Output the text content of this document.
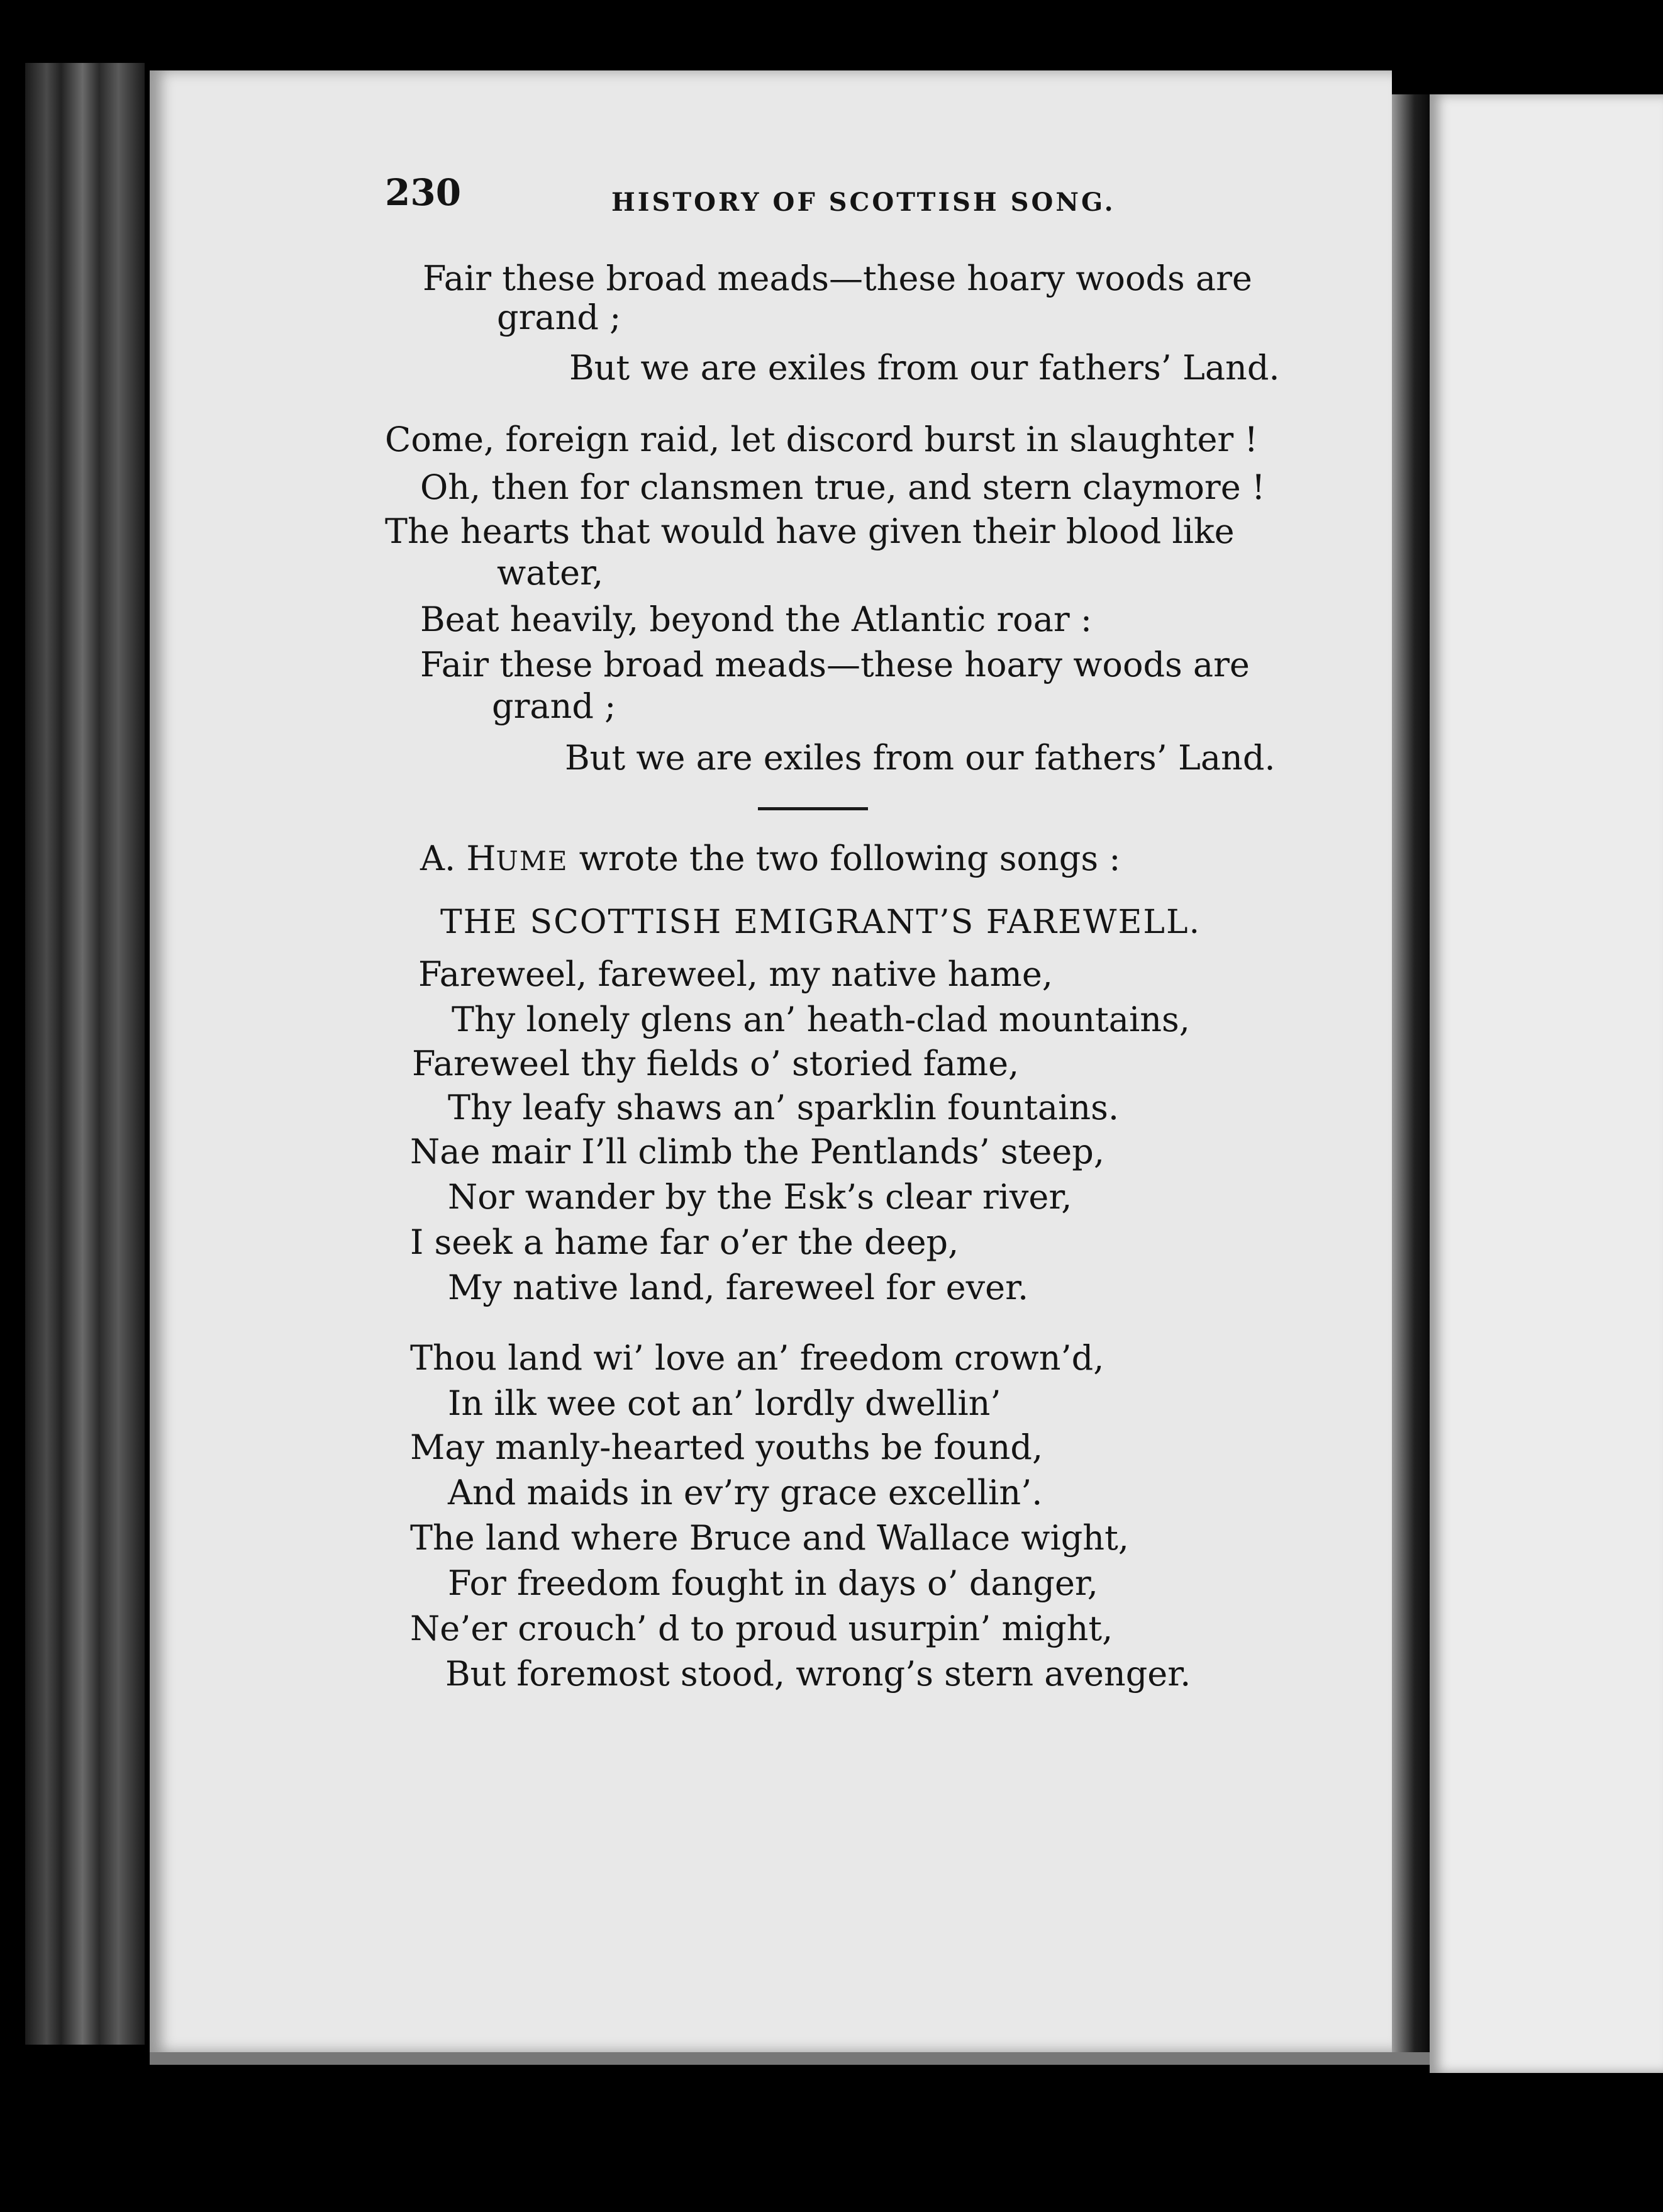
230	HISTORY OF SCOTTISH SONG.
Fair these broad meads—these hoary woods are
grand ;
But we are exiles from our fathers’ Land.
Come, foreign raid, let discord burst in slaughter !
Oh, then for clansmen true, and stern claymore !
The hearts that would have given their blood like
water,
Beat heavily, beyond the Atlantic roar :
Fair these broad meads—these hoary woods are
grand ;
But we are exiles from our fathers’ Land.
A. HUME wrote the two following songs :
THE SCOTTISH EMIGRANT’S FAREWELL.
Fareweel, fareweel, my native hame,
Thy lonely glens an’ heath-clad mountains,
Fareweel thy fields o’ storied fame,
Thy leafy shaws an’ sparklin fountains.
Nae mair I’ll climb the Pentlands’ steep,
Nor wander by the Esk’s clear river,
I seek a hame far o’er the deep,
My native land, fareweel for ever.
Thou land wi’ love an’ freedom crown’d,
In ilk wee cot an’ lordly dwellin’
May manly-hearted youths be found,
And maids in ev’ry grace excellin’.
The land where Bruce and Wallace wight,
For freedom fought in days o’ danger,
Ne’er crouch’ d to proud usurpin’ might,
But foremost stood, wrong’s stern avenger.
